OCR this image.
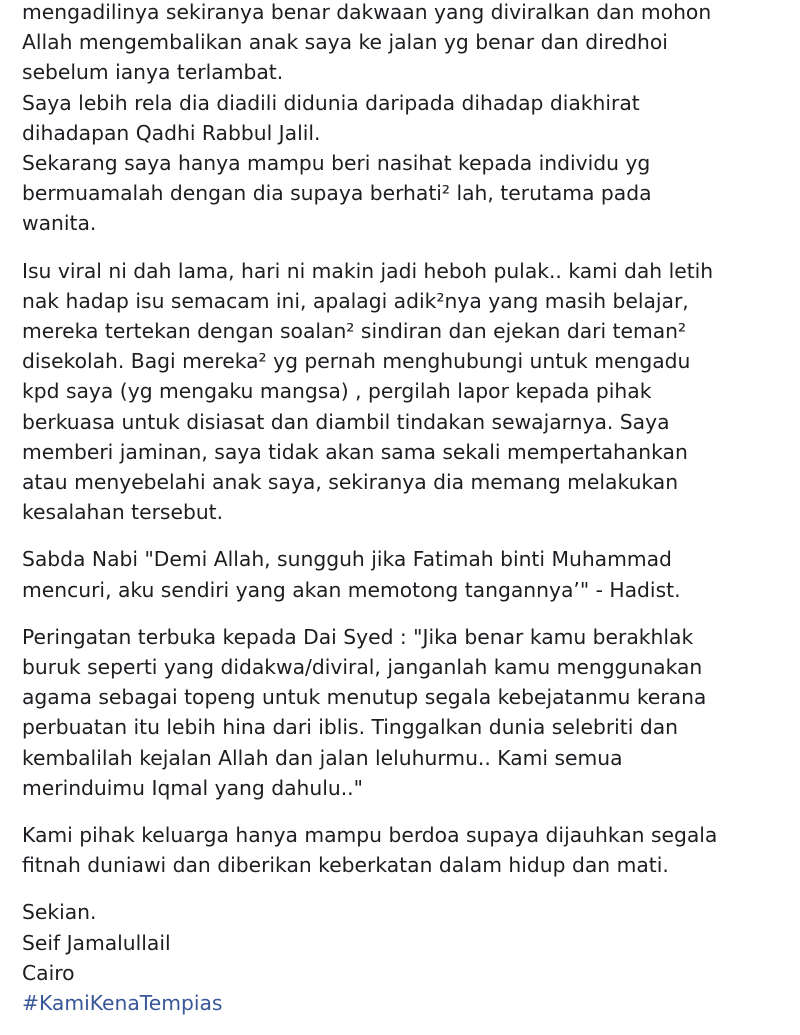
mengadilinya sekiranya benar dakwaan yang diviralkan dan mohon
Allah mengembalikan anak saya ke jalan yg benar dan diredhoi
sebelum ianya terlambat.
Saya lebih rela dia diadili didunia daripada dihadap diakhirat
dihadapan Qadhi Rabbul Jalil.
Sekarang saya hanya mampu beri nasihat kepada individu yg
bermuamalah dengan dia supaya berhati² lah, terutama pada
wanita.
Isu viral ni dah lama, hari ni makin jadi heboh pulak.. kami dah letih
nak hadap isu semacam ini, apalagi adik²nya yang masih belajar,
mereka tertekan dengan soalan² sindiran dan ejekan dari teman²
disekolah. Bagi mereka² yg pernah menghubungi untuk mengadu
kpd saya (yg mengaku mangsa) , pergilah lapor kepada pihak
berkuasa untuk disiasat dan diambil tindakan sewajarnya. Saya
memberi jaminan, saya tidak akan sama sekali mempertahankan
atau menyebelahi anak saya, sekiranya dia memang melakukan
kesalahan tersebut.
Sabda Nabi "Demi Allah, sungguh jika Fatimah binti Muhammad
mencuri, aku sendiri yang akan memotong tangannya’" - Hadist.
Peringatan terbuka kepada Dai Syed : "Jika benar kamu berakhlak
buruk seperti yang didakwa/diviral, janganlah kamu menggunakan
agama sebagai topeng untuk menutup segala kebejatanmu kerana
perbuatan itu lebih hina dari iblis. Tinggalkan dunia selebriti dan
kembalilah kejalan Allah dan jalan leluhurmu.. Kami semua
merinduimu Iqmal yang dahulu.."
Kami pihak keluarga hanya mampu berdoa supaya dijauhkan segala
fitnah duniawi dan diberikan keberkatan dalam hidup dan mati.
Sekian.
Seif Jamalullail
Cairo
#KamiKenaTempias
